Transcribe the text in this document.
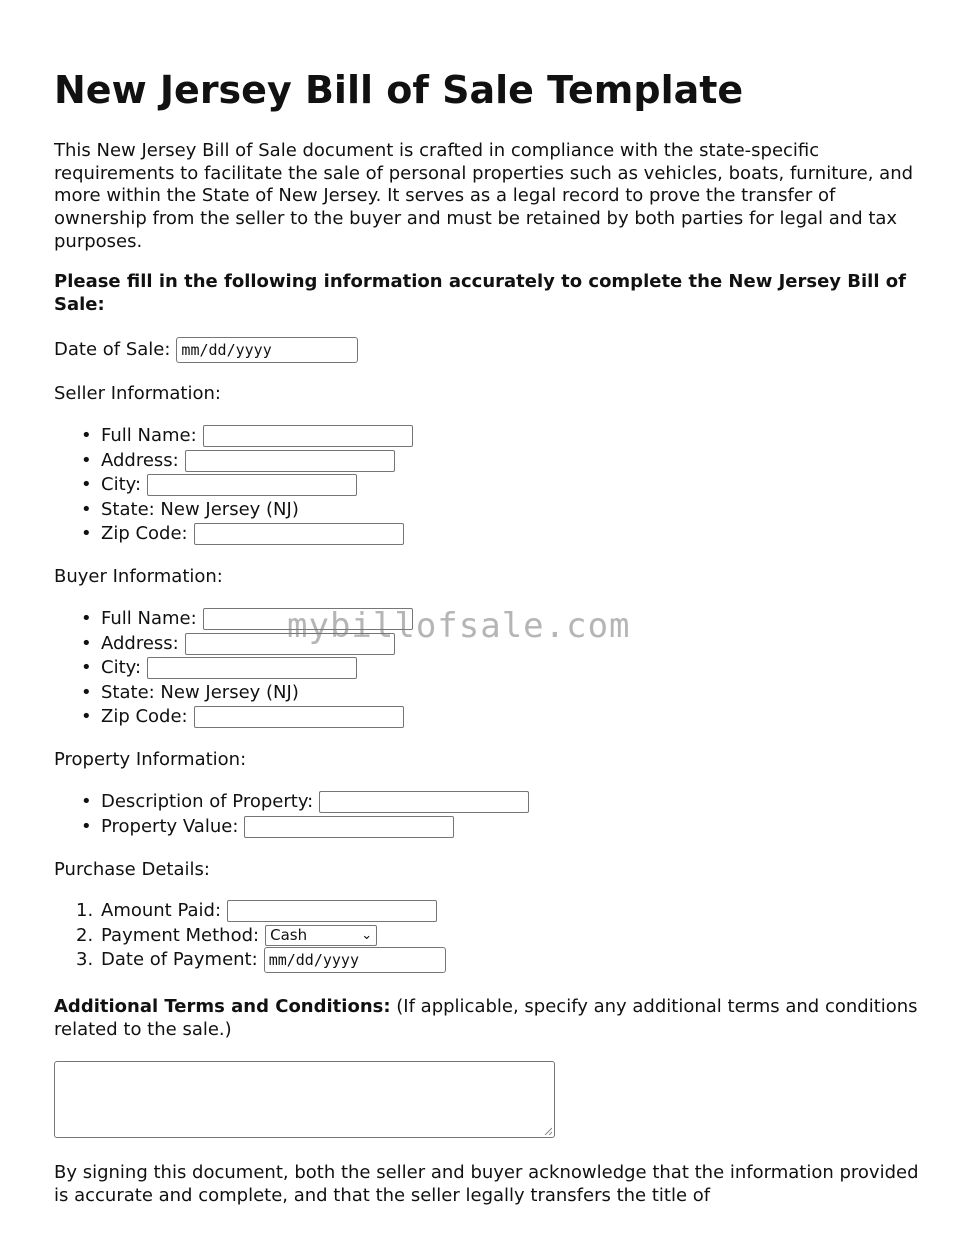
New Jersey Bill of Sale Template

This New Jersey Bill of Sale document is crafted in compliance with the state-specific requirements to facilitate the sale of personal properties such as vehicles, boats, furniture, and more within the State of New Jersey. It serves as a legal record to prove the transfer of ownership from the seller to the buyer and must be retained by both parties for legal and tax purposes.

Please fill in the following information accurately to complete the New Jersey Bill of Sale:

Date of Sale: mm/dd/yyyy
Seller Information:
• Full Name:
• Address:
• City:
• State: New Jersey (NJ)
• Zip Code:
Buyer Information:
• Full Name:
• Address:
• City:
• State: New Jersey (NJ)
• Zip Code:
Property Information:
• Description of Property:
• Property Value:
Purchase Details:
1. Amount Paid:
2. Payment Method: Cash	⌄
3. Date of Payment: mm/dd/yyyy

Additional Terms and Conditions: (If applicable, specify any additional terms and conditions related to the sale.)

By signing this document, both the seller and buyer acknowledge that the information provided is accurate and complete, and that the seller legally transfers the title of

mybillofsale.com
